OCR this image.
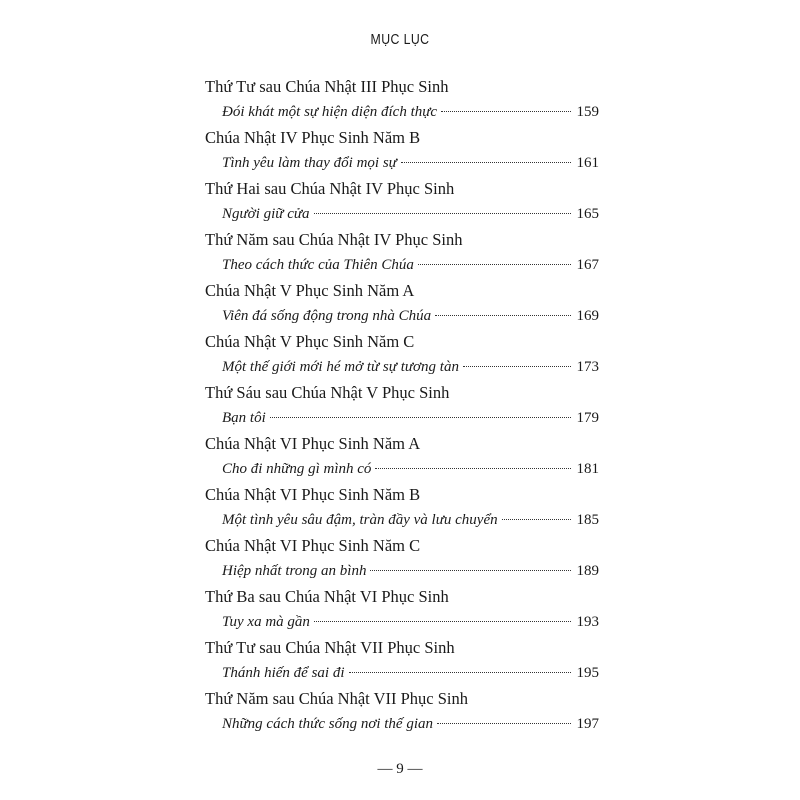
MỤC LỤC
Thứ Tư sau Chúa Nhật III Phục Sinh
Đói khát một sự hiện diện đích thực	159
Chúa Nhật IV Phục Sinh Năm B
Tình yêu làm thay đổi mọi sự	161
Thứ Hai sau Chúa Nhật IV Phục Sinh
Người giữ cửa	165
Thứ Năm sau Chúa Nhật IV Phục Sinh
Theo cách thức của Thiên Chúa	167
Chúa Nhật V Phục Sinh Năm A
Viên đá sống động trong nhà Chúa	169
Chúa Nhật V Phục Sinh Năm C
Một thế giới mới hé mở từ sự tương tàn	173
Thứ Sáu sau Chúa Nhật V Phục Sinh
Bạn tôi	179
Chúa Nhật VI Phục Sinh Năm A
Cho đi những gì mình có	181
Chúa Nhật VI Phục Sinh Năm B
Một tình yêu sâu đậm, tràn đầy và lưu chuyển	185
Chúa Nhật VI Phục Sinh Năm C
Hiệp nhất trong an bình	189
Thứ Ba sau Chúa Nhật VI Phục Sinh
Tuy xa mà gần	193
Thứ Tư sau Chúa Nhật VII Phục Sinh
Thánh hiến để sai đi	195
Thứ Năm sau Chúa Nhật VII Phục Sinh
Những cách thức sống nơi thế gian	197
— 9 —
